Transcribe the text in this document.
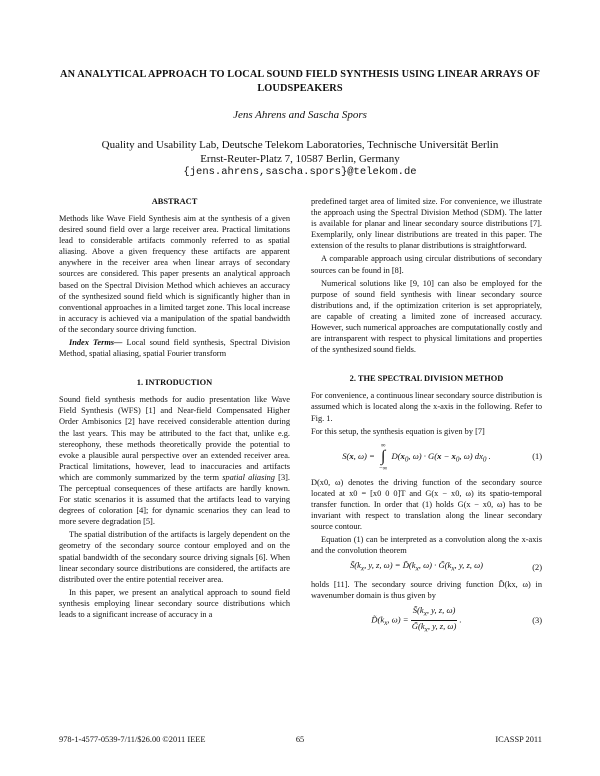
AN ANALYTICAL APPROACH TO LOCAL SOUND FIELD SYNTHESIS USING LINEAR ARRAYS OF LOUDSPEAKERS
Jens Ahrens and Sascha Spors
Quality and Usability Lab, Deutsche Telekom Laboratories, Technische Universität Berlin
Ernst-Reuter-Platz 7, 10587 Berlin, Germany
{jens.ahrens,sascha.spors}@telekom.de
ABSTRACT

Methods like Wave Field Synthesis aim at the synthesis of a given desired sound field over a large receiver area. Practical limitations lead to considerable artifacts commonly referred to as spatial aliasing. Above a given frequency these artifacts are apparent anywhere in the receiver area when linear arrays of secondary sources are considered. This paper presents an analytical approach based on the Spectral Division Method which achieves an accuracy of the synthesized sound field which is significantly higher than in conventional approaches in a limited target zone. This local increase in accuracy is achieved via a manipulation of the spatial bandwidth of the secondary source driving function.

Index Terms— Local sound field synthesis, Spectral Division Method, spatial aliasing, spatial Fourier transform

1. INTRODUCTION

Sound field synthesis methods for audio presentation like Wave Field Synthesis (WFS) [1] and Near-field Compensated Higher Order Ambisonics [2] have received considerable attention during the last years. This may be attributed to the fact that, unlike e.g. stereophony, these methods theoretically provide the potential to evoke a plausible aural perspective over an extended receiver area. Practical limitations, however, lead to inaccuracies and artifacts which are commonly summarized by the term spatial aliasing [3]. The perceptual consequences of these artifacts are hardly known. For static scenarios it is assumed that the artifacts lead to varying degrees of coloration [4]; for dynamic scenarios they can lead to more severe degradation [5].

The spatial distribution of the artifacts is largely dependent on the geometry of the secondary source contour employed and on the spatial bandwidth of the secondary source driving signals [6]. When linear secondary source distributions are considered, the artifacts are distributed over the entire potential receiver area.

In this paper, we present an analytical approach to sound field synthesis employing linear secondary source distributions which leads to a significant increase of accuracy in a

predefined target area of limited size. For convenience, we illustrate the approach using the Spectral Division Method (SDM). The latter is available for planar and linear secondary source distributions [7]. Exemplarily, only linear distributions are treated in this paper. The extension of the results to planar distributions is straightforward.

A comparable approach using circular distributions of secondary sources can be found in [8].

Numerical solutions like [9, 10] can also be employed for the purpose of sound field synthesis with linear secondary source distributions and, if the optimization criterion is set appropriately, are capable of creating a limited zone of increased accuracy. However, such numerical approaches are computationally costly and are intransparent with respect to physical limitations and properties of the synthesized sound fields.

2. THE SPECTRAL DIVISION METHOD

For convenience, a continuous linear secondary source distribution is assumed which is located along the x-axis in the following. Refer to Fig. 1.

For this setup, the synthesis equation is given by [7]

S(x, ω) =
∞
∫
−∞
$D(x_0$, $\omega) \cdot G(x - x_0$, ω) $dx_0$ .	(1)

D(x0, ω) denotes the driving function of the secondary source located at x0 = [x0 0 0]T and G(x − x0, ω) its spatio-temporal transfer function. In order that (1) holds G(x − x0, ω) has to be invariant with respect to translation along the linear secondary source contour.

Equation (1) can be interpreted as a convolution along the x-axis and the convolution theorem

$S̃(k_x$, y, z, $\omega) = D̃(k_x$, $\omega) \cdot G̃(k_x$, y, z, ω)	(2)

holds [11]. The secondary source driving function D̃(kx, ω) in wavenumber domain is thus given by

$D̃(k_x$, $\omega) = \frac{S̃(k_x, y, z, \omega)}{G̃(k_x, y, z, \omega)}$ .	(3)
978-1-4577-0539-7/11/$26.00 ©2011 IEEE	65	ICASSP 2011
